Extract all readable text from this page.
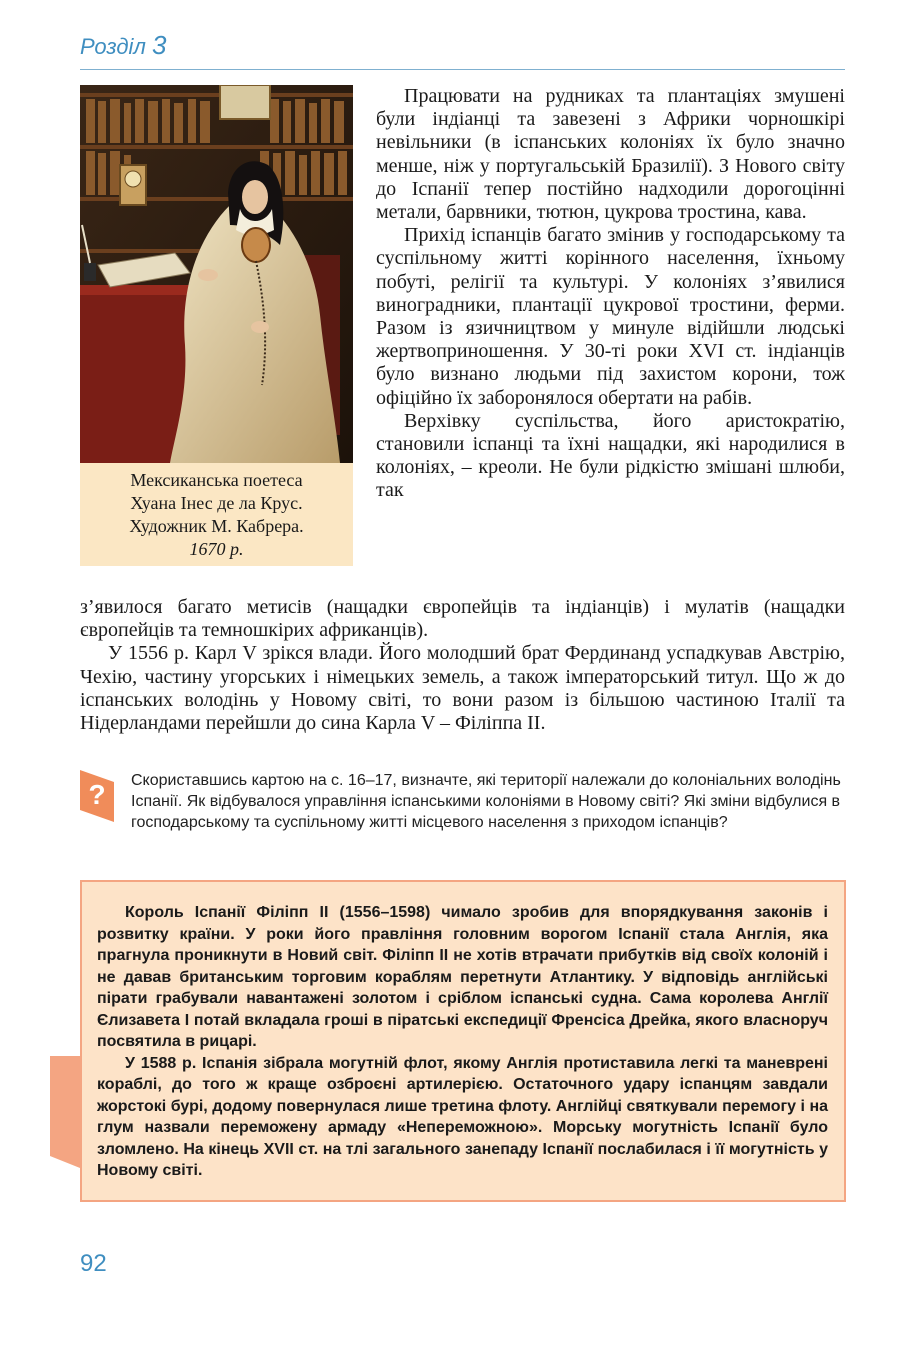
Розділ 3
Мексиканська поетеса
Хуана Інес де ла Крус.
Художник М. Кабрера.
1670 р.

Працювати на рудниках та плантаціях змушені були індіанці та завезені з Африки чорношкірі невільники (в іспанських колоніях їх було значно менше, ніж у португальській Бразилії). З Нового світу до Іспанії тепер постійно надходили дорогоцінні метали, барвники, тютюн, цукрова тростина, кава.

Прихід іспанців багато змінив у господарському та суспільному житті корінного населення, їхньому побуті, релігії та культурі. У колоніях з’явилися виноградники, плантації цукрової тростини, ферми. Разом із язичництвом у минуле відійшли людські жертвоприношення. У 30-ті роки XVI ст. індіанців було визнано людьми під захистом корони, тож офіційно їх заборонялося обертати на рабів.

Верхівку суспільства, його аристократію, становили іспанці та їхні нащадки, які народилися в колоніях, – креоли. Не були рідкістю змішані шлюби, так

з’явилося багато метисів (нащадки європейців та індіанців) і мулатів (нащадки європейців та темношкірих африканців).

У 1556 р. Карл V зрікся влади. Його молодший брат Фердинанд успадкував Австрію, Чехію, частину угорських і німецьких земель, а також імператорський титул. Що ж до іспанських володінь у Новому світі, то вони разом із більшою частиною Італії та Нідерландами перейшли до сина Карла V – Філіппа II.

? Скориставшись картою на с. 16–17, визначте, які території належали до колоніальних володінь Іспанії. Як відбувалося управління іспанськими колоніями в Новому світі? Які зміни відбулися в господарському та суспільному житті місцевого населення з приходом іспанців?

Король Іспанії Філіпп II (1556–1598) чимало зробив для впорядкування законів і розвитку країни. У роки його правління головним ворогом Іспанії стала Англія, яка прагнула проникнути в Новий світ. Філіпп II не хотів втрачати прибутків від своїх колоній і не давав британським торговим кораблям перетнути Атлантику. У відповідь англійські пірати грабували навантажені золотом і сріблом іспанські судна. Сама королева Англії Єлизавета I потай вкладала гроші в піратські експедиції Френсіса Дрейка, якого власноруч посвятила в рицарі.

У 1588 р. Іспанія зібрала могутній флот, якому Англія протиставила легкі та маневрені кораблі, до того ж краще озброєні артилерією. Остаточного удару іспанцям завдали жорстокі бурі, додому повернулася лише третина флоту. Англійці святкували перемогу і на глум назвали переможену армаду «Непереможною». Морську могутність Іспанії було зломлено. На кінець XVII ст. на тлі загального занепаду Іспанії послабилася і її могутність у Новому світі.

92
